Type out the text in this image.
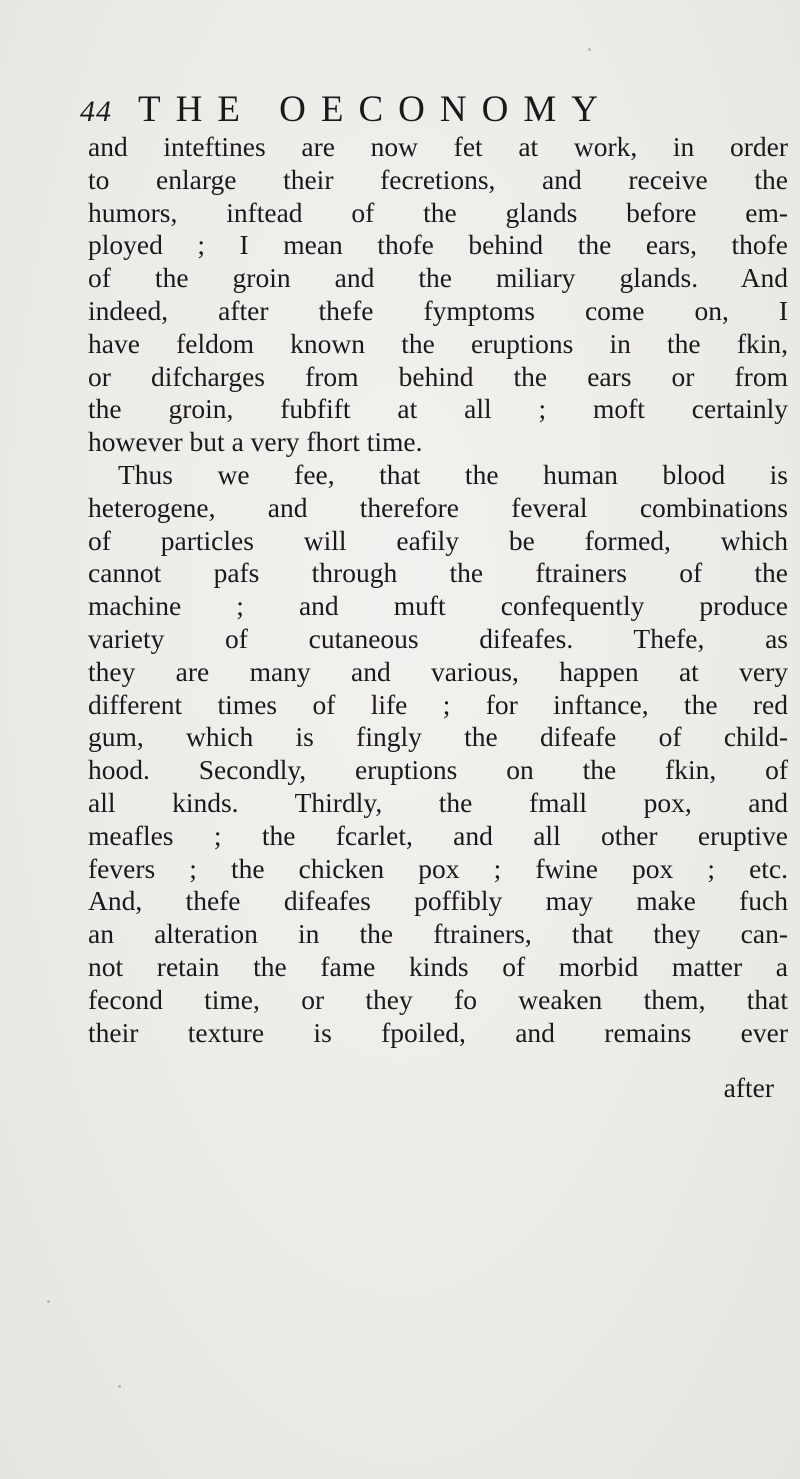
44 THE OECONOMY
and inteftines are now fet at work, in order
to enlarge their fecretions, and receive the
humors, inftead of the glands before em-
ployed ; I mean thofe behind the ears, thofe
of the groin and the miliary glands. And
indeed, after thefe fymptoms come on, I
have feldom known the eruptions in the fkin,
or difcharges from behind the ears or from
the groin, fubfift at all ; moft certainly
however but a very fhort time.
Thus we fee, that the human blood is
heterogene, and therefore feveral combinations
of particles will eafily be formed, which
cannot pafs through the ftrainers of the
machine ; and muft confequently produce
variety of cutaneous difeafes. Thefe, as
they are many and various, happen at very
different times of life ; for inftance, the red
gum, which is fingly the difeafe of child-
hood. Secondly, eruptions on the fkin, of
all kinds. Thirdly, the fmall pox, and
meafles ; the fcarlet, and all other eruptive
fevers ; the chicken pox ; fwine pox ; etc.
And, thefe difeafes poffibly may make fuch
an alteration in the ftrainers, that they can-
not retain the fame kinds of morbid matter a
fecond time, or they fo weaken them, that
their texture is fpoiled, and remains ever
after
